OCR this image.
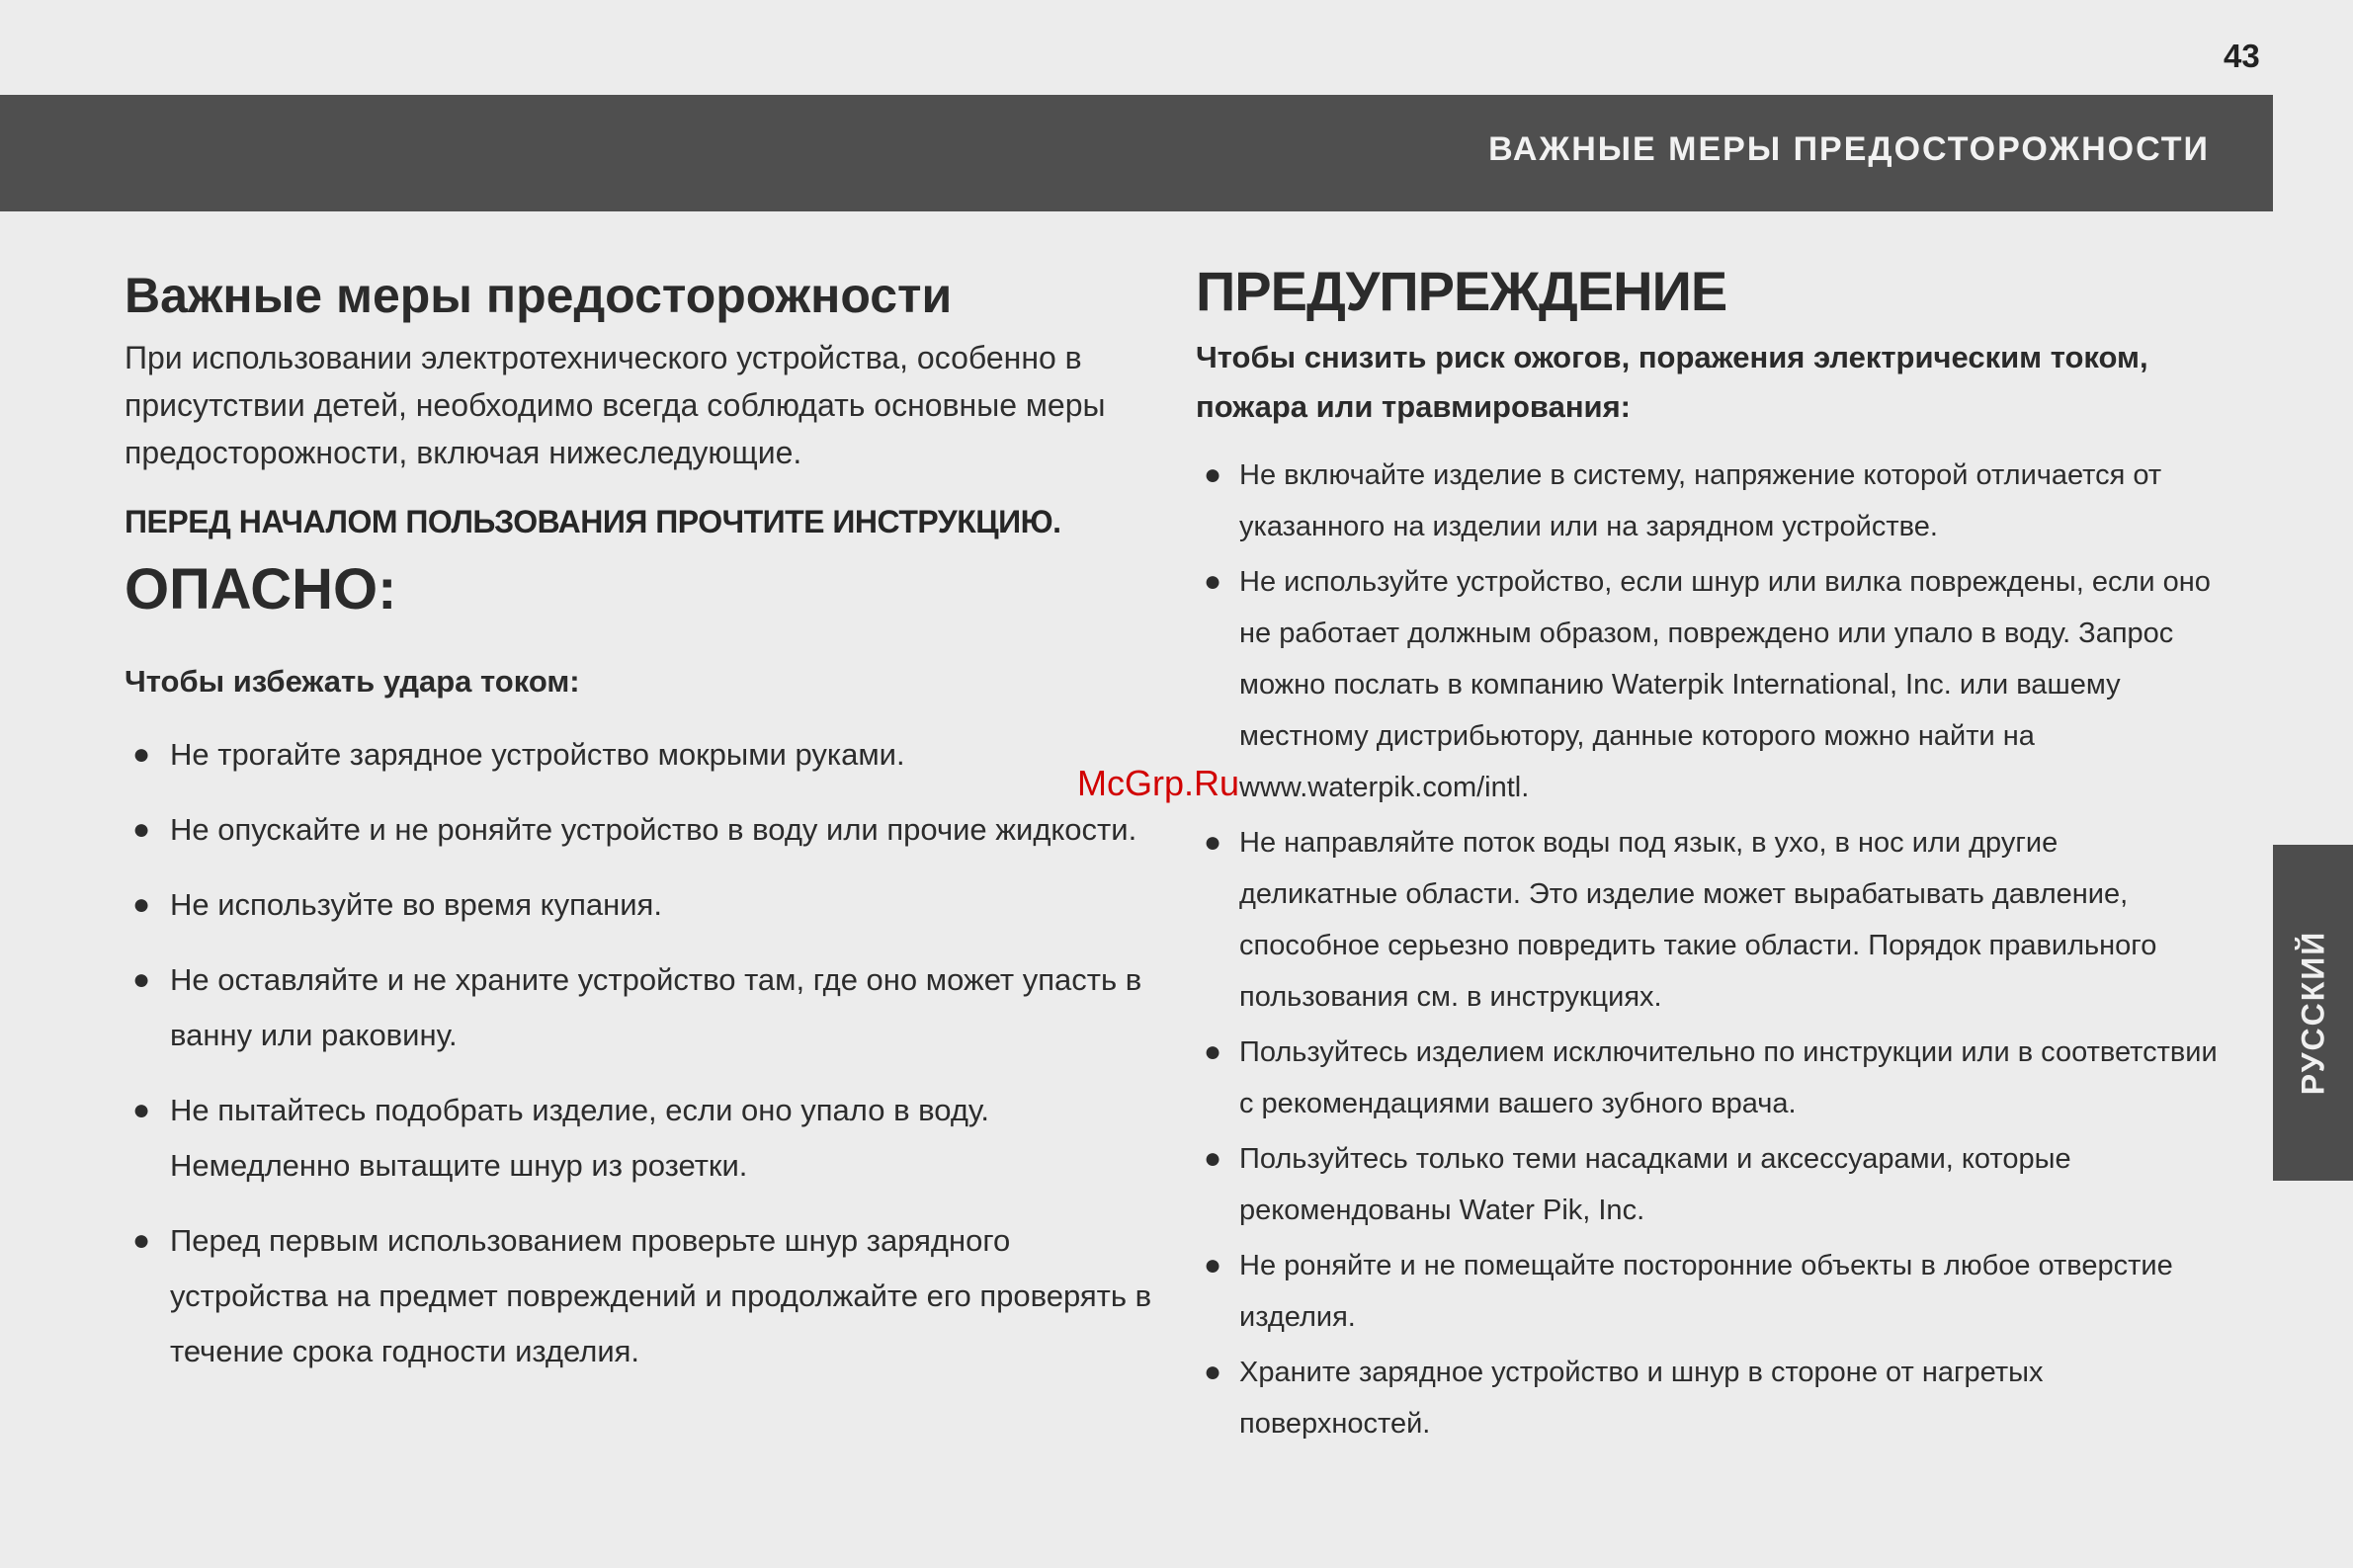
43
ВАЖНЫЕ МЕРЫ ПРЕДОСТОРОЖНОСТИ
Важные меры предосторожности

При использовании электротехнического устройства, особенно в присутствии детей, необходимо всегда соблюдать основные меры предосторожности, включая нижеследующие.

ПЕРЕД НАЧАЛОМ ПОЛЬЗОВАНИЯ ПРОЧТИТЕ ИНСТРУКЦИЮ.

ОПАСНО:

Чтобы избежать удара током:

● Не трогайте зарядное устройство мокрыми руками.
● Не опускайте и не роняйте устройство в воду или прочие жидкости.
● Не используйте во время купания.
● Не оставляйте и не храните устройство там, где оно может упасть в ванну или раковину.
● Не пытайтесь подобрать изделие, если оно упало в воду. Немедленно вытащите шнур из розетки.
● Перед первым использованием проверьте шнур зарядного устройства на предмет повреждений и продолжайте его проверять в течение срока годности изделия.
ПРЕДУПРЕЖДЕНИЕ

Чтобы снизить риск ожогов, поражения электрическим током, пожара или травмирования:

● Не включайте изделие в систему, напряжение которой отличается от указанного на изделии или на зарядном устройстве.
● Не используйте устройство, если шнур или вилка повреждены, если оно не работает должным образом, повреждено или упало в воду. Запрос можно послать в компанию Waterpik International, Inc. или вашему местному дистрибьютору, данные которого можно найти на www.waterpik.com/intl.
● Не направляйте поток воды под язык, в ухо, в нос или другие деликатные области. Это изделие может вырабатывать давление, способное серьезно повредить такие области. Порядок правильного пользования см. в инструкциях.
● Пользуйтесь изделием исключительно по инструкции или в соответствии с рекомендациями вашего зубного врача.
● Пользуйтесь только теми насадками и аксессуарами, которые рекомендованы Water Pik, Inc.
● Не роняйте и не помещайте посторонние объекты в любое отверстие изделия.
● Храните зарядное устройство и шнур в стороне от нагретых поверхностей.
РУССКИЙ
McGrp.Ru
